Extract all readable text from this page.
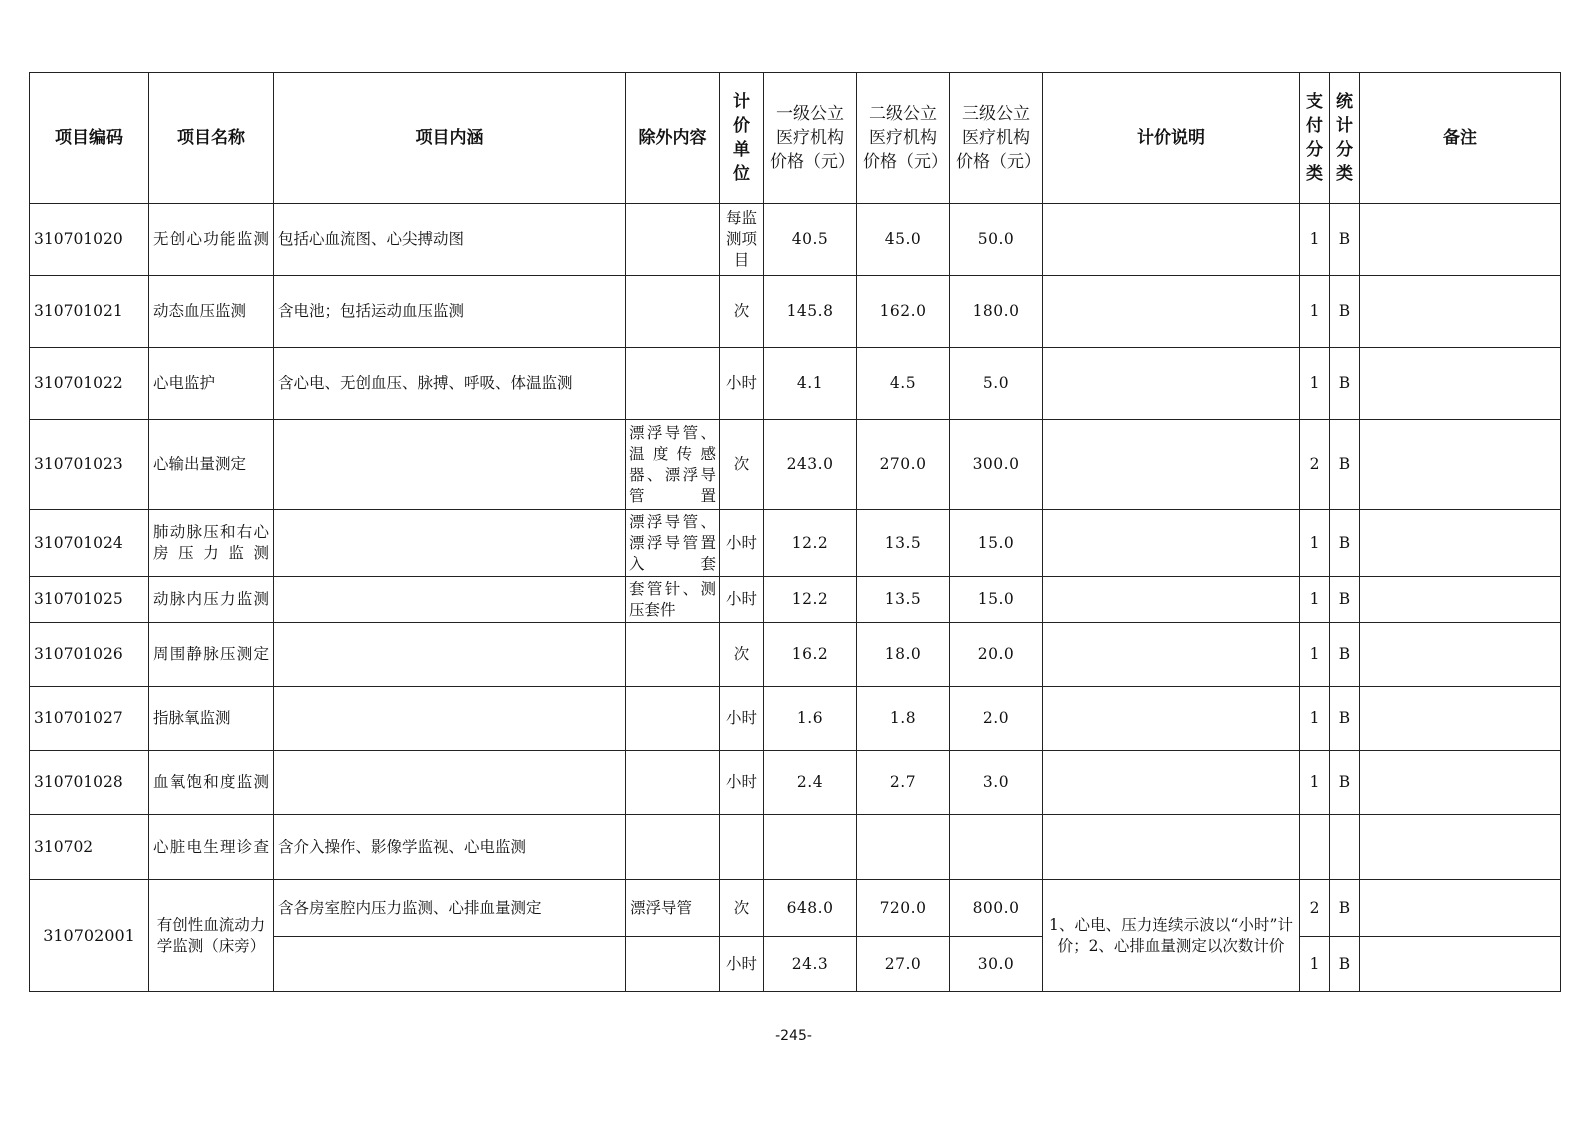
项目编码	项目名称	项目内涵	除外内容	计价单位	一级公立医疗机构价格（元）	二级公立医疗机构价格（元）	三级公立医疗机构价格（元）	计价说明	支付分类	统计分类	备注
310701020	无创心功能监测	包括心血流图、心尖搏动图		每监测项目	40.5	45.0	50.0		1	B	
310701021	动态血压监测	含电池；包括运动血压监测		次	145.8	162.0	180.0		1	B	
310701022	心电监护	含心电、无创血压、脉搏、呼吸、体温监测		小时	4.1	4.5	5.0		1	B	
310701023	心输出量测定		漂浮导管、温度传感器、漂浮导管置	次	243.0	270.0	300.0		2	B	
310701024	肺动脉压和右心房压力监测		漂浮导管、漂浮导管置入套	小时	12.2	13.5	15.0		1	B	
310701025	动脉内压力监测		套管针、测压套件	小时	12.2	13.5	15.0		1	B	
310701026	周围静脉压测定			次	16.2	18.0	20.0		1	B	
310701027	指脉氧监测			小时	1.6	1.8	2.0		1	B	
310701028	血氧饱和度监测			小时	2.4	2.7	3.0		1	B	
310702	心脏电生理诊查	含介入操作、影像学监视、心电监测									
310702001	有创性血流动力学监测（床旁）	含各房室腔内压力监测、心排血量测定	漂浮导管	次	648.0	720.0	800.0	1、心电、压力连续示波以“小时”计价；2、心排血量测定以次数计价	2	B	
				小时	24.3	27.0	30.0		1	B	
-245-
